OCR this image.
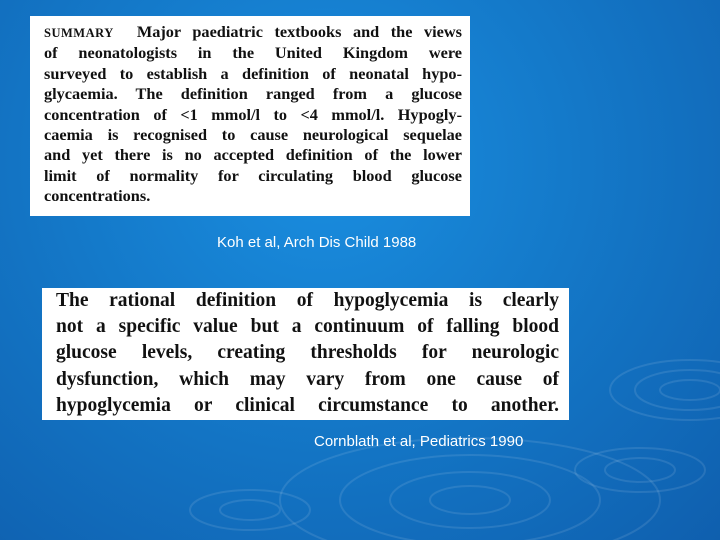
SUMMARY Major paediatric textbooks and the views
of neonatologists in the United Kingdom were
surveyed to establish a definition of neonatal hypo-
glycaemia. The definition ranged from a glucose
concentration of <1 mmol/l to <4 mmol/l. Hypogly-
caemia is recognised to cause neurological sequelae
and yet there is no accepted definition of the lower
limit of normality for circulating blood glucose
concentrations.
Koh et al, Arch Dis Child 1988
The rational definition of hypoglycemia is clearly
not a specific value but a continuum of falling blood
glucose levels, creating thresholds for neurologic
dysfunction, which may vary from one cause of
hypoglycemia or clinical circumstance to another.
Cornblath et al, Pediatrics 1990
